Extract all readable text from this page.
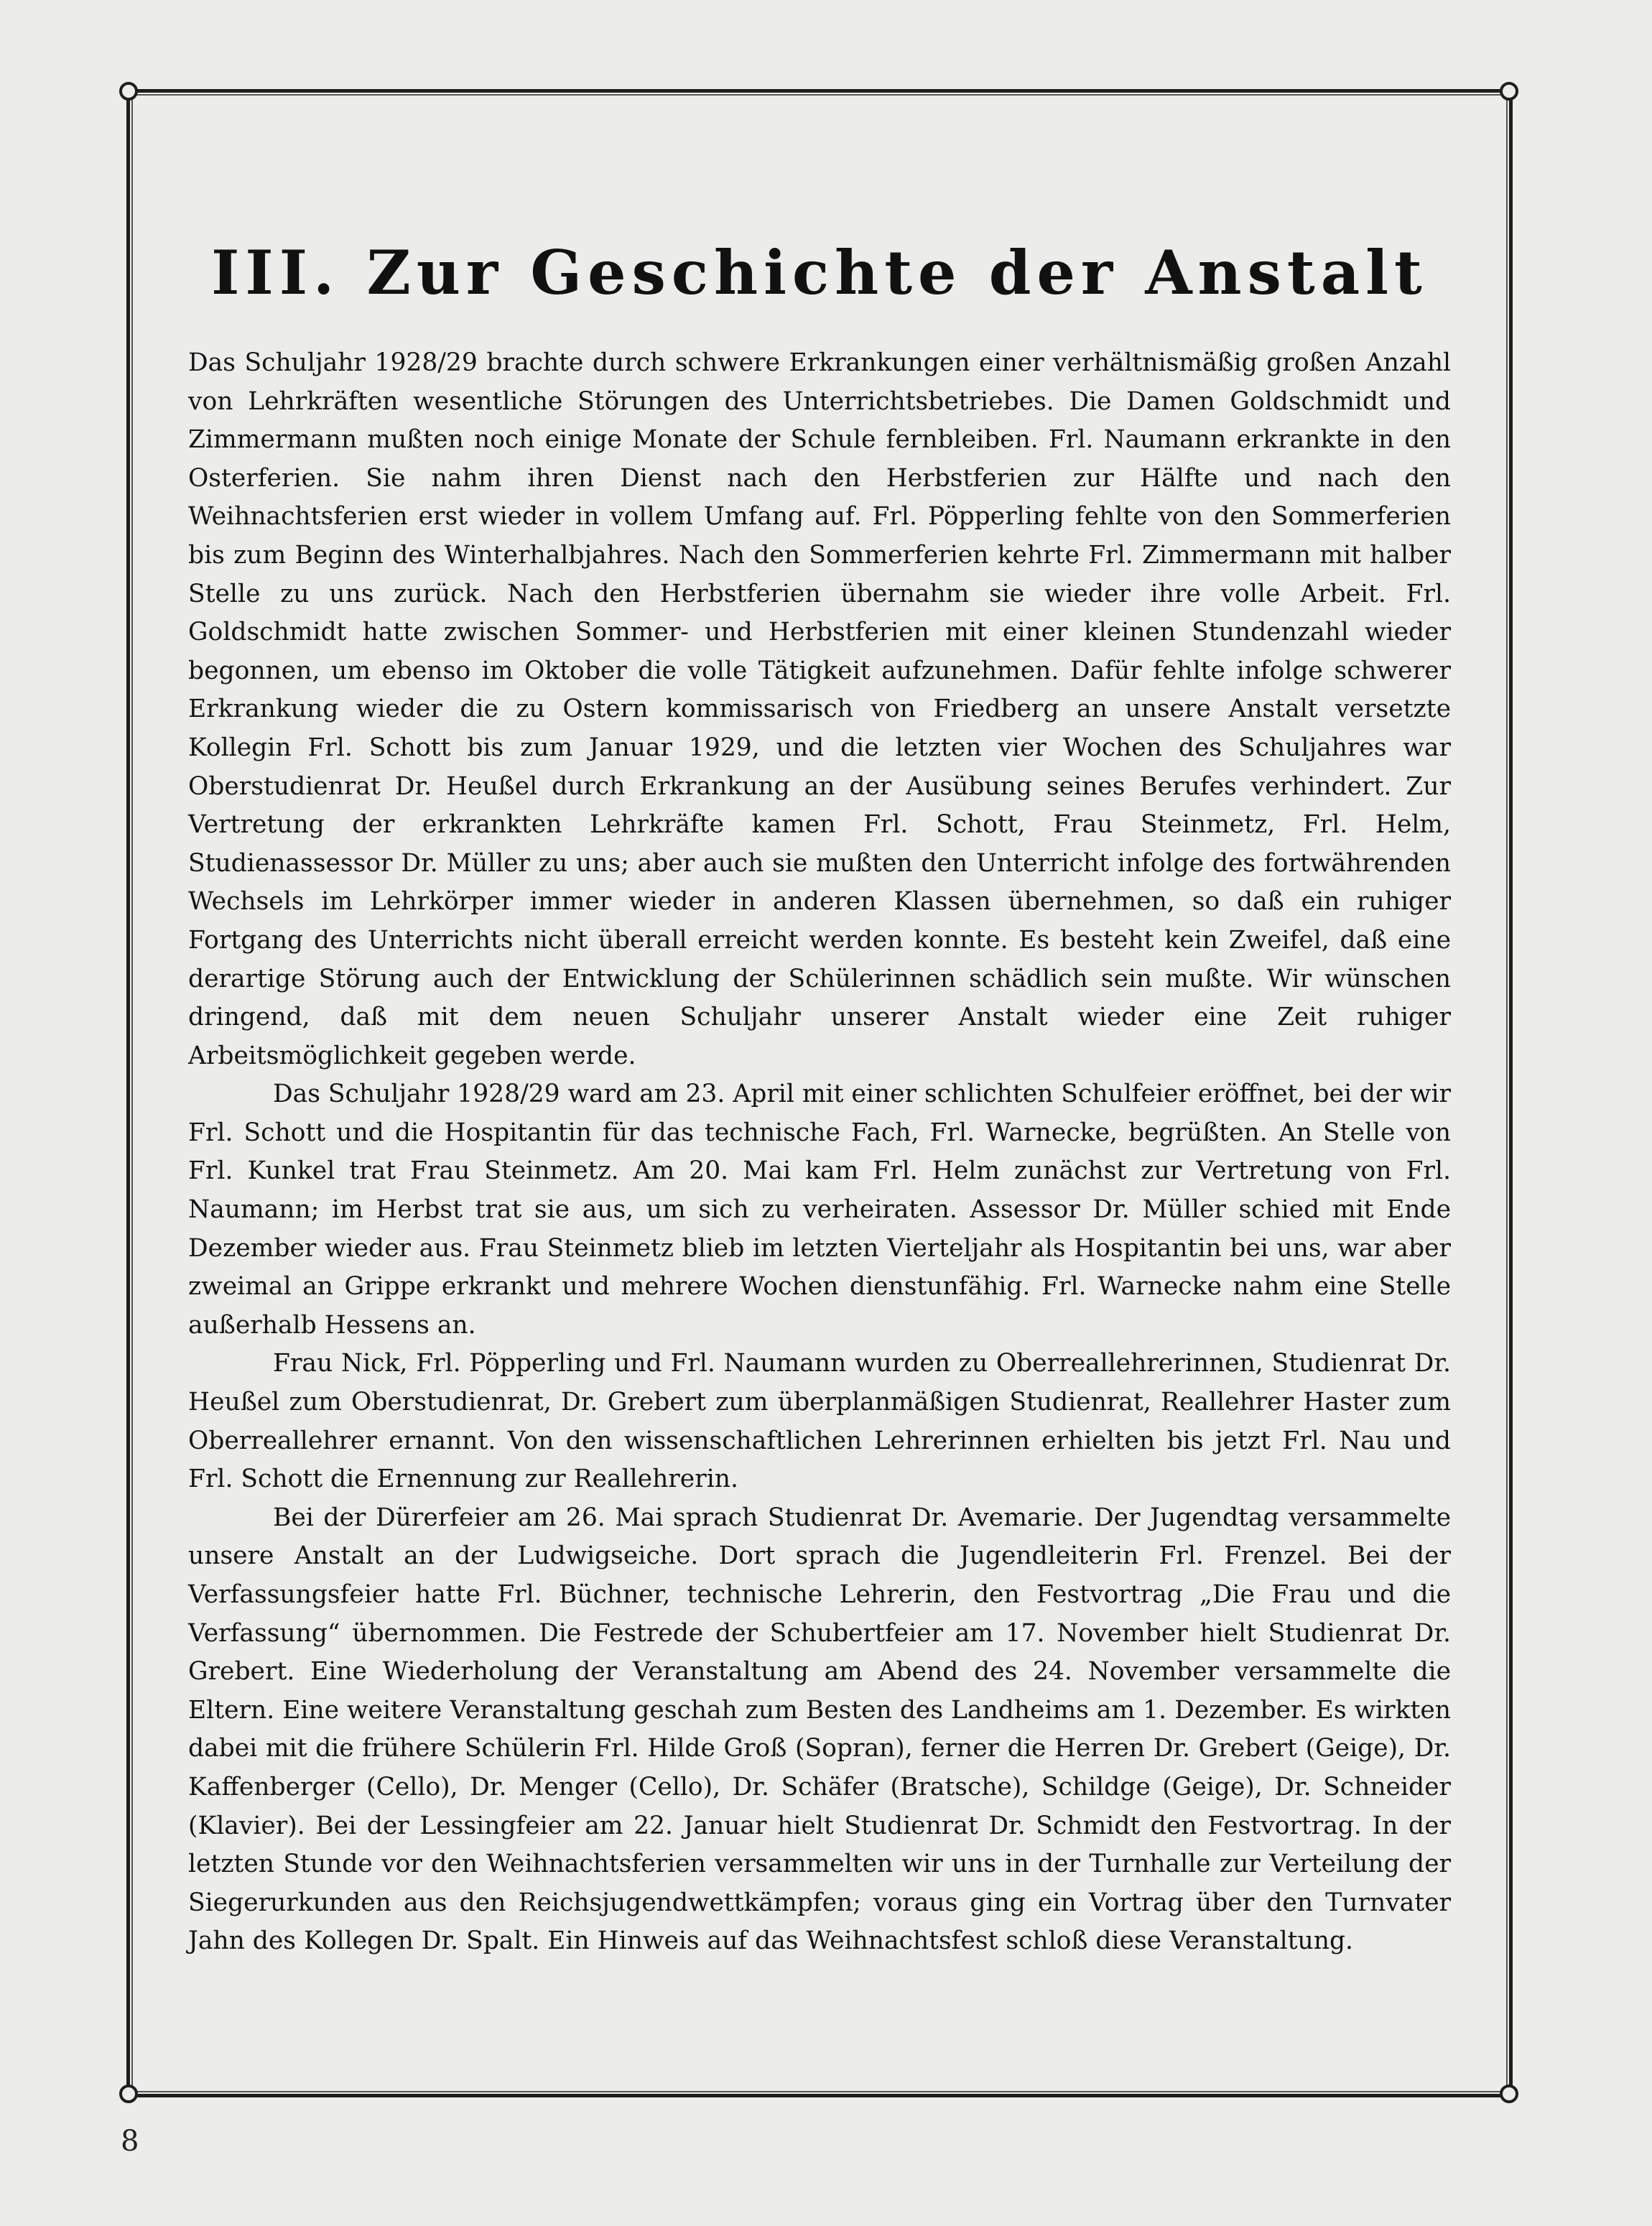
III. Zur Geschichte der Anstalt

Das Schuljahr 1928/29 brachte durch schwere Erkrankungen einer verhältnismäßig großen Anzahl von Lehrkräften wesentliche Störungen des Unterrichtsbetriebes. Die Damen Goldschmidt und Zimmermann mußten noch einige Monate der Schule fernbleiben. Frl. Naumann erkrankte in den Osterferien. Sie nahm ihren Dienst nach den Herbstferien zur Hälfte und nach den Weihnachtsferien erst wieder in vollem Umfang auf. Frl. Pöpperling fehlte von den Sommerferien bis zum Beginn des Winterhalbjahres. Nach den Sommerferien kehrte Frl. Zimmermann mit halber Stelle zu uns zurück. Nach den Herbstferien übernahm sie wieder ihre volle Arbeit. Frl. Goldschmidt hatte zwischen Sommer- und Herbstferien mit einer kleinen Stundenzahl wieder begonnen, um ebenso im Oktober die volle Tätigkeit aufzunehmen. Dafür fehlte infolge schwerer Erkrankung wieder die zu Ostern kommissarisch von Friedberg an unsere Anstalt versetzte Kollegin Frl. Schott bis zum Januar 1929, und die letzten vier Wochen des Schuljahres war Oberstudienrat Dr. Heußel durch Erkrankung an der Ausübung seines Berufes verhindert. Zur Vertretung der erkrankten Lehrkräfte kamen Frl. Schott, Frau Steinmetz, Frl. Helm, Studienassessor Dr. Müller zu uns; aber auch sie mußten den Unterricht infolge des fortwährenden Wechsels im Lehrkörper immer wieder in anderen Klassen übernehmen, so daß ein ruhiger Fortgang des Unterrichts nicht überall erreicht werden konnte. Es besteht kein Zweifel, daß eine derartige Störung auch der Entwicklung der Schülerinnen schädlich sein mußte. Wir wünschen dringend, daß mit dem neuen Schuljahr unserer Anstalt wieder eine Zeit ruhiger Arbeitsmöglichkeit gegeben werde.

Das Schuljahr 1928/29 ward am 23. April mit einer schlichten Schulfeier eröffnet, bei der wir Frl. Schott und die Hospitantin für das technische Fach, Frl. Warnecke, begrüßten. An Stelle von Frl. Kunkel trat Frau Steinmetz. Am 20. Mai kam Frl. Helm zunächst zur Vertretung von Frl. Naumann; im Herbst trat sie aus, um sich zu verheiraten. Assessor Dr. Müller schied mit Ende Dezember wieder aus. Frau Steinmetz blieb im letzten Vierteljahr als Hospitantin bei uns, war aber zweimal an Grippe erkrankt und mehrere Wochen dienstunfähig. Frl. Warnecke nahm eine Stelle außerhalb Hessens an.

Frau Nick, Frl. Pöpperling und Frl. Naumann wurden zu Oberreallehrerinnen, Studienrat Dr. Heußel zum Oberstudienrat, Dr. Grebert zum überplanmäßigen Studienrat, Reallehrer Haster zum Oberreallehrer ernannt. Von den wissenschaftlichen Lehrerinnen erhielten bis jetzt Frl. Nau und Frl. Schott die Ernennung zur Reallehrerin.

Bei der Dürerfeier am 26. Mai sprach Studienrat Dr. Avemarie. Der Jugendtag versammelte unsere Anstalt an der Ludwigseiche. Dort sprach die Jugendleiterin Frl. Frenzel. Bei der Verfassungsfeier hatte Frl. Büchner, technische Lehrerin, den Festvortrag „Die Frau und die Verfassung“ übernommen. Die Festrede der Schubertfeier am 17. November hielt Studienrat Dr. Grebert. Eine Wiederholung der Veranstaltung am Abend des 24. November versammelte die Eltern. Eine weitere Veranstaltung geschah zum Besten des Landheims am 1. Dezember. Es wirkten dabei mit die frühere Schülerin Frl. Hilde Groß (Sopran), ferner die Herren Dr. Grebert (Geige), Dr. Kaffenberger (Cello), Dr. Menger (Cello), Dr. Schäfer (Bratsche), Schildge (Geige), Dr. Schneider (Klavier). Bei der Lessingfeier am 22. Januar hielt Studienrat Dr. Schmidt den Festvortrag. In der letzten Stunde vor den Weihnachtsferien versammelten wir uns in der Turnhalle zur Verteilung der Siegerurkunden aus den Reichsjugendwettkämpfen; voraus ging ein Vortrag über den Turnvater Jahn des Kollegen Dr. Spalt. Ein Hinweis auf das Weihnachtsfest schloß diese Veranstaltung.

8
